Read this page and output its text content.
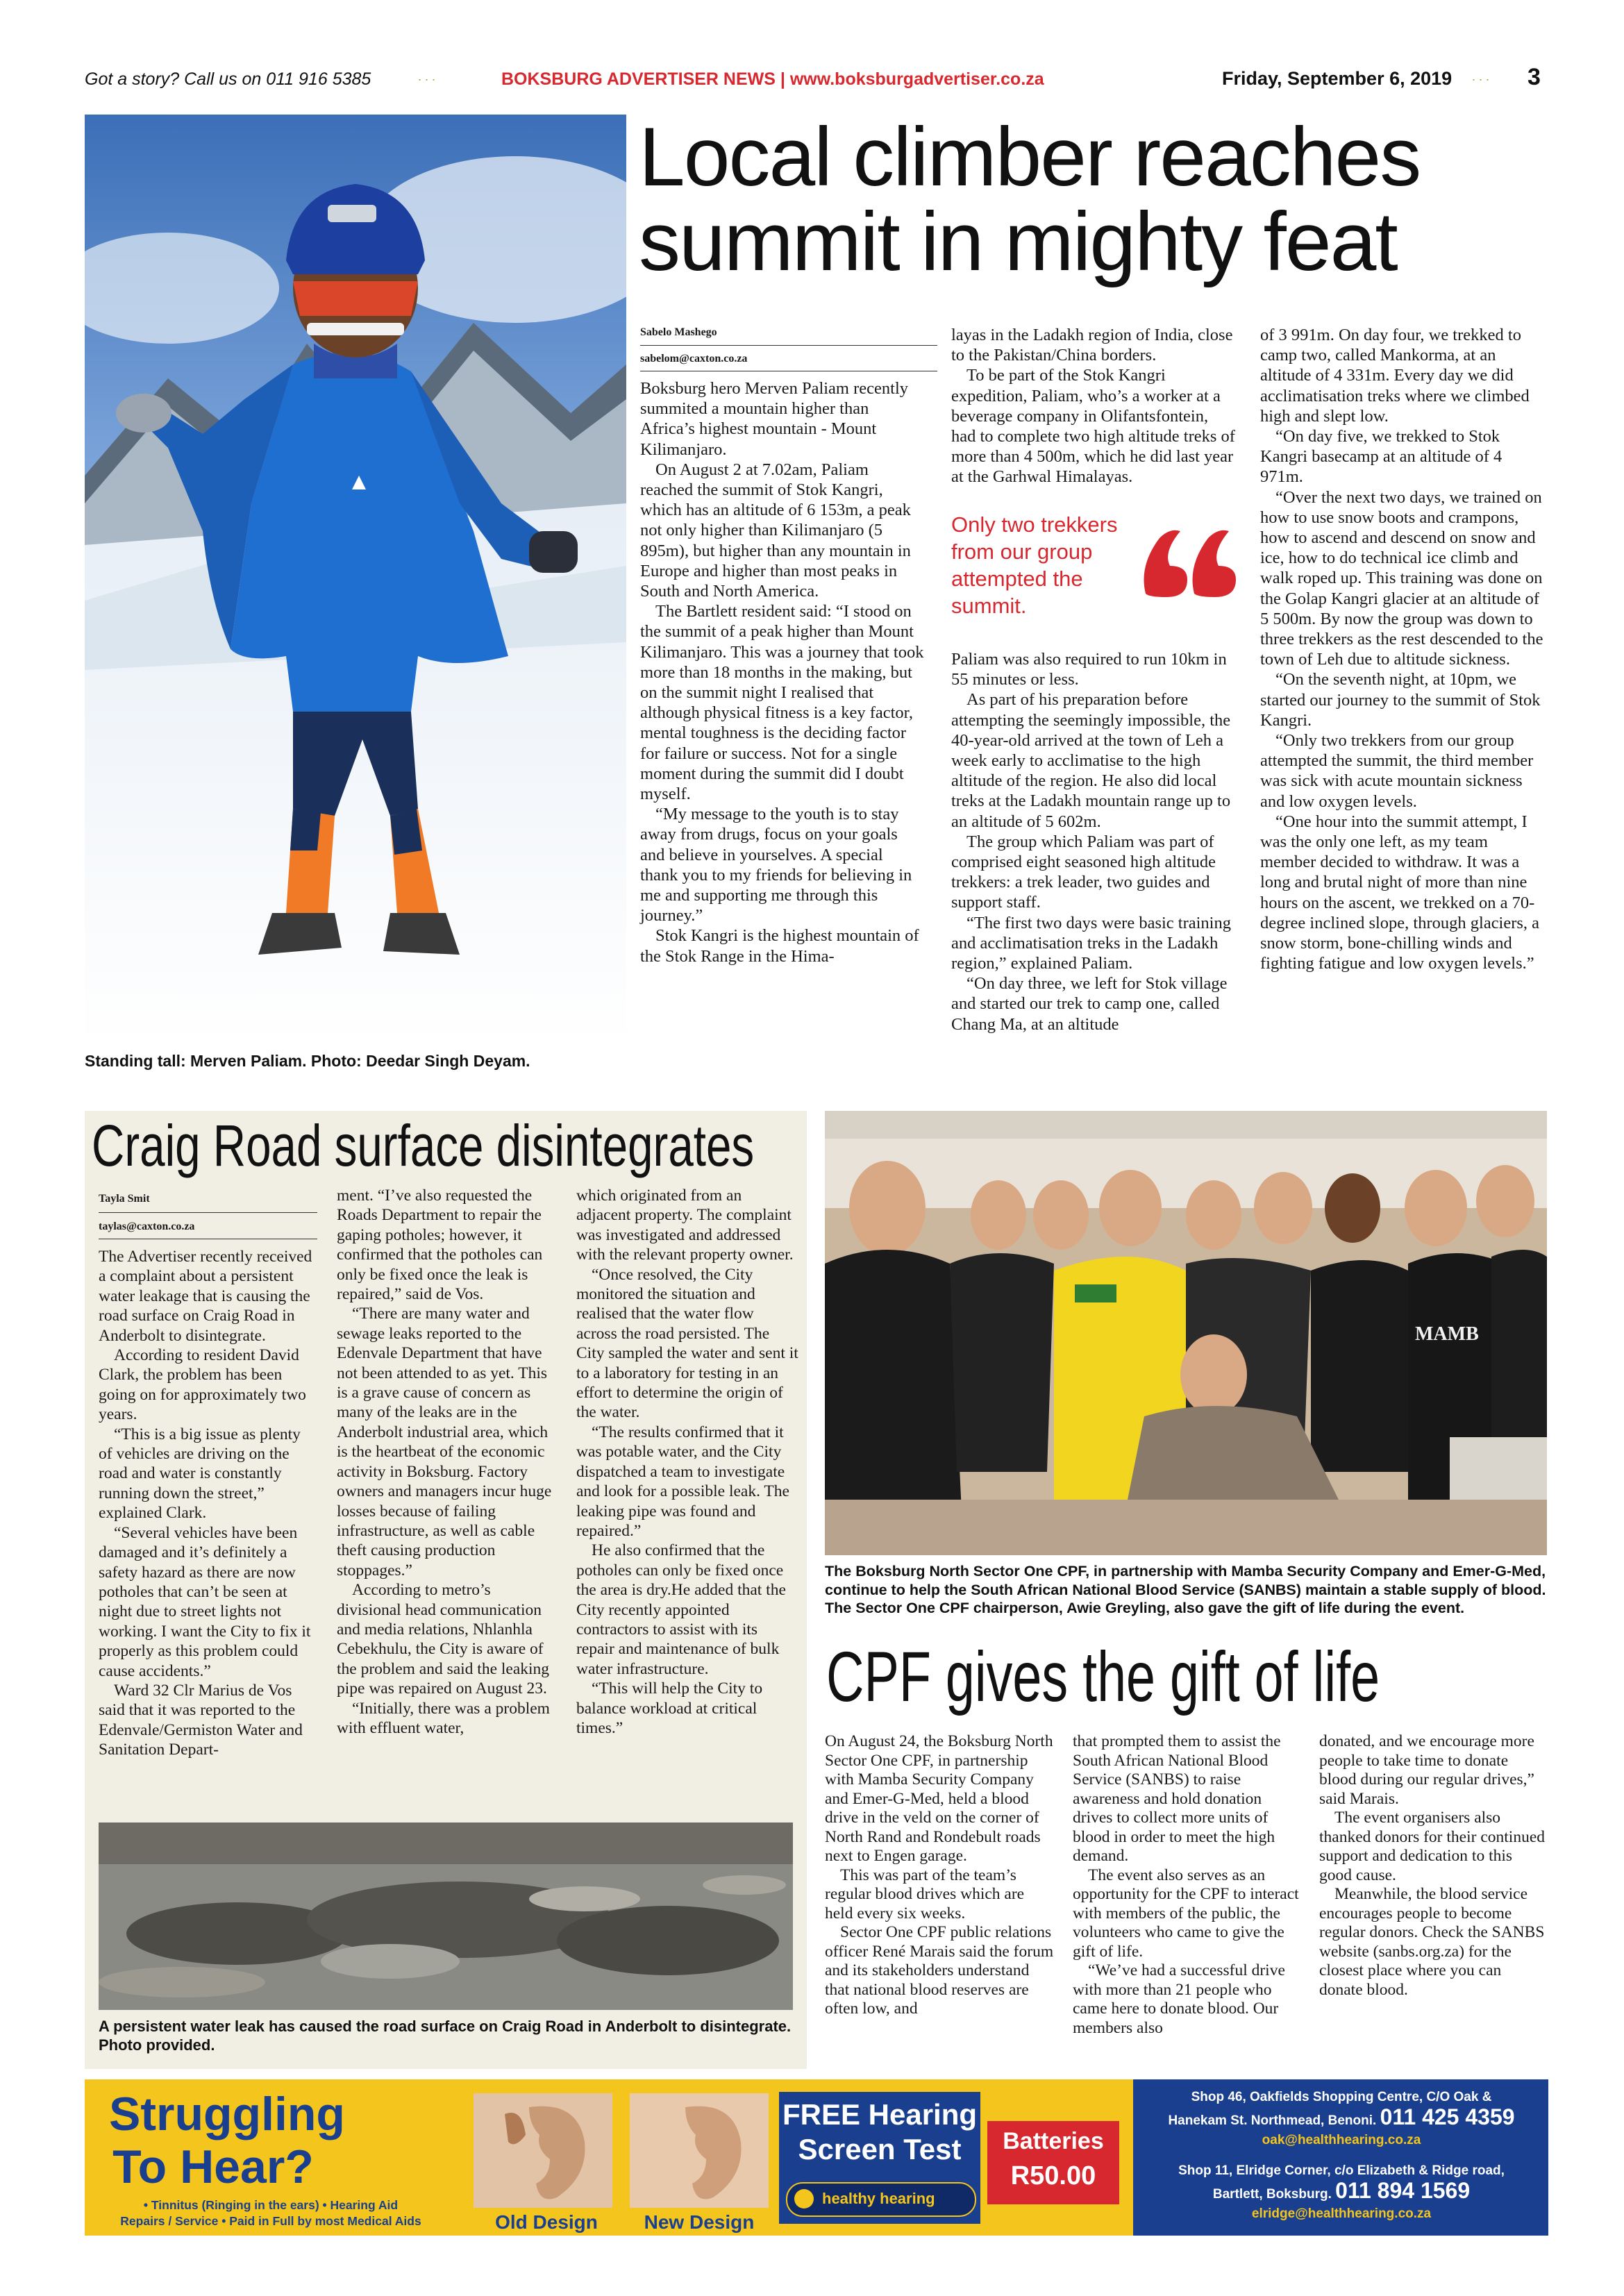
Got a story? Call us on 011 916 5385	. . .	BOKSBURG ADVERTISER NEWS | www.boksburgadvertiser.co.za	Friday, September 6, 2019 . . . 3
Standing tall: Merven Paliam. Photo: Deedar Singh Deyam.
Local climber reaches
summit in mighty feat
Sabelo Mashego
sabelom@caxton.co.za

Boksburg hero Merven Paliam recently summited a mountain higher than Africa’s highest mountain - Mount Kilimanjaro.

On August 2 at 7.02am, Paliam reached the summit of Stok Kangri, which has an altitude of 6 153m, a peak not only higher than Kilimanjaro (5 895m), but higher than any mountain in Europe and higher than most peaks in South and North America.

The Bartlett resident said: “I stood on the summit of a peak higher than Mount Kilimanjaro. This was a journey that took more than 18 months in the making, but on the summit night I realised that although physical fitness is a key factor, mental toughness is the deciding factor for failure or success. Not for a single moment during the summit did I doubt myself.

“My message to the youth is to stay away from drugs, focus on your goals and believe in yourselves. A special thank you to my friends for believing in me and supporting me through this journey.”

Stok Kangri is the highest mountain of the Stok Range in the Hima-

layas in the Ladakh region of India, close to the Pakistan/China borders.

To be part of the Stok Kangri expedition, Paliam, who’s a worker at a beverage company in Olifantsfontein, had to complete two high altitude treks of more than 4 500m, which he did last year at the Garhwal Himalayas.

Only two trekkers from our group attempted the summit.

Paliam was also required to run 10km in 55 minutes or less.

As part of his preparation before attempting the seemingly impossible, the 40-year-old arrived at the town of Leh a week early to acclimatise to the high altitude of the region. He also did local treks at the Ladakh mountain range up to an altitude of 5 602m.

The group which Paliam was part of comprised eight seasoned high altitude trekkers: a trek leader, two guides and support staff.

“The first two days were basic training and acclimatisation treks in the Ladakh region,” explained Paliam.

“On day three, we left for Stok village and started our trek to camp one, called Chang Ma, at an altitude

of 3 991m. On day four, we trekked to camp two, called Mankorma, at an altitude of 4 331m. Every day we did acclimatisation treks where we climbed high and slept low.

“On day five, we trekked to Stok Kangri basecamp at an altitude of 4 971m.

“Over the next two days, we trained on how to use snow boots and crampons, how to ascend and descend on snow and ice, how to do technical ice climb and walk roped up. This training was done on the Golap Kangri glacier at an altitude of 5 500m. By now the group was down to three trekkers as the rest descended to the town of Leh due to altitude sickness.

“On the seventh night, at 10pm, we started our journey to the summit of Stok Kangri.

“Only two trekkers from our group attempted the summit, the third member was sick with acute mountain sickness and low oxygen levels.

“One hour into the summit attempt, I was the only one left, as my team member decided to withdraw. It was a long and brutal night of more than nine hours on the ascent, we trekked on a 70-degree inclined slope, through glaciers, a snow storm, bone-chilling winds and fighting fatigue and low oxygen levels.”

Craig Road surface disintegrates
Tayla Smit
taylas@caxton.co.za

The Advertiser recently received a complaint about a persistent water leakage that is causing the road surface on Craig Road in Anderbolt to disintegrate.

According to resident David Clark, the problem has been going on for approximately two years.

“This is a big issue as plenty of vehicles are driving on the road and water is constantly running down the street,” explained Clark.

“Several vehicles have been damaged and it’s definitely a safety hazard as there are now potholes that can’t be seen at night due to street lights not working. I want the City to fix it properly as this problem could cause accidents.”

Ward 32 Clr Marius de Vos said that it was reported to the Edenvale/Germiston Water and Sanitation Depart-

ment. “I’ve also requested the Roads Department to repair the gaping potholes; however, it confirmed that the potholes can only be fixed once the leak is repaired,” said de Vos.

“There are many water and sewage leaks reported to the Edenvale Department that have not been attended to as yet. This is a grave cause of concern as many of the leaks are in the Anderbolt industrial area, which is the heartbeat of the economic activity in Boksburg. Factory owners and managers incur huge losses because of failing infrastructure, as well as cable theft causing production stoppages.”

According to metro’s divisional head communication and media relations, Nhlanhla Cebekhulu, the City is aware of the problem and said the leaking pipe was repaired on August 23.

“Initially, there was a problem with effluent water,

which originated from an adjacent property. The complaint was investigated and addressed with the relevant property owner.

“Once resolved, the City monitored the situation and realised that the water flow across the road persisted. The City sampled the water and sent it to a laboratory for testing in an effort to determine the origin of the water.

“The results confirmed that it was potable water, and the City dispatched a team to investigate and look for a possible leak. The leaking pipe was found and repaired.”

He also confirmed that the potholes can only be fixed once the area is dry.He added that the City recently appointed contractors to assist with its repair and maintenance of bulk water infrastructure.

“This will help the City to balance workload at critical times.”

A persistent water leak has caused the road surface on Craig Road in Anderbolt to disintegrate. Photo provided.
MAMB
The Boksburg North Sector One CPF, in partnership with Mamba Security Company and Emer-G-Med, continue to help the South African National Blood Service (SANBS) maintain a stable supply of blood. The Sector One CPF chairperson, Awie Greyling, also gave the gift of life during the event.
CPF gives the gift of life

On August 24, the Boksburg North Sector One CPF, in partnership with Mamba Security Company and Emer-G-Med, held a blood drive in the veld on the corner of North Rand and Rondebult roads next to Engen garage.

This was part of the team’s regular blood drives which are held every six weeks.

Sector One CPF public relations officer René Marais said the forum and its stakeholders understand that national blood reserves are often low, and

that prompted them to assist the South African National Blood Service (SANBS) to raise awareness and hold donation drives to collect more units of blood in order to meet the high demand.

The event also serves as an opportunity for the CPF to interact with members of the public, the volunteers who came to give the gift of life.

“We’ve had a successful drive with more than 21 people who came here to donate blood. Our members also

donated, and we encourage more people to take time to donate blood during our regular drives,” said Marais.

The event organisers also thanked donors for their continued support and dedication to this good cause.

Meanwhile, the blood service encourages people to become regular donors. Check the SANBS website (sanbs.org.za) for the closest place where you can donate blood.

Struggling
To Hear?
• Tinnitus (Ringing in the ears) • Hearing Aid
Repairs / Service • Paid in Full by most Medical Aids	Old Design	New Design
FREE Hearing
Screen Test
healthy hearing
Batteries
R50.00
Shop 46, Oakfields Shopping Centre, C/O Oak &
Hanekam St. Northmead, Benoni. 011 425 4359
oak@healthhearing.co.za
Shop 11, Elridge Corner, c/o Elizabeth & Ridge road,
Bartlett, Boksburg. 011 894 1569
elridge@healthhearing.co.za
